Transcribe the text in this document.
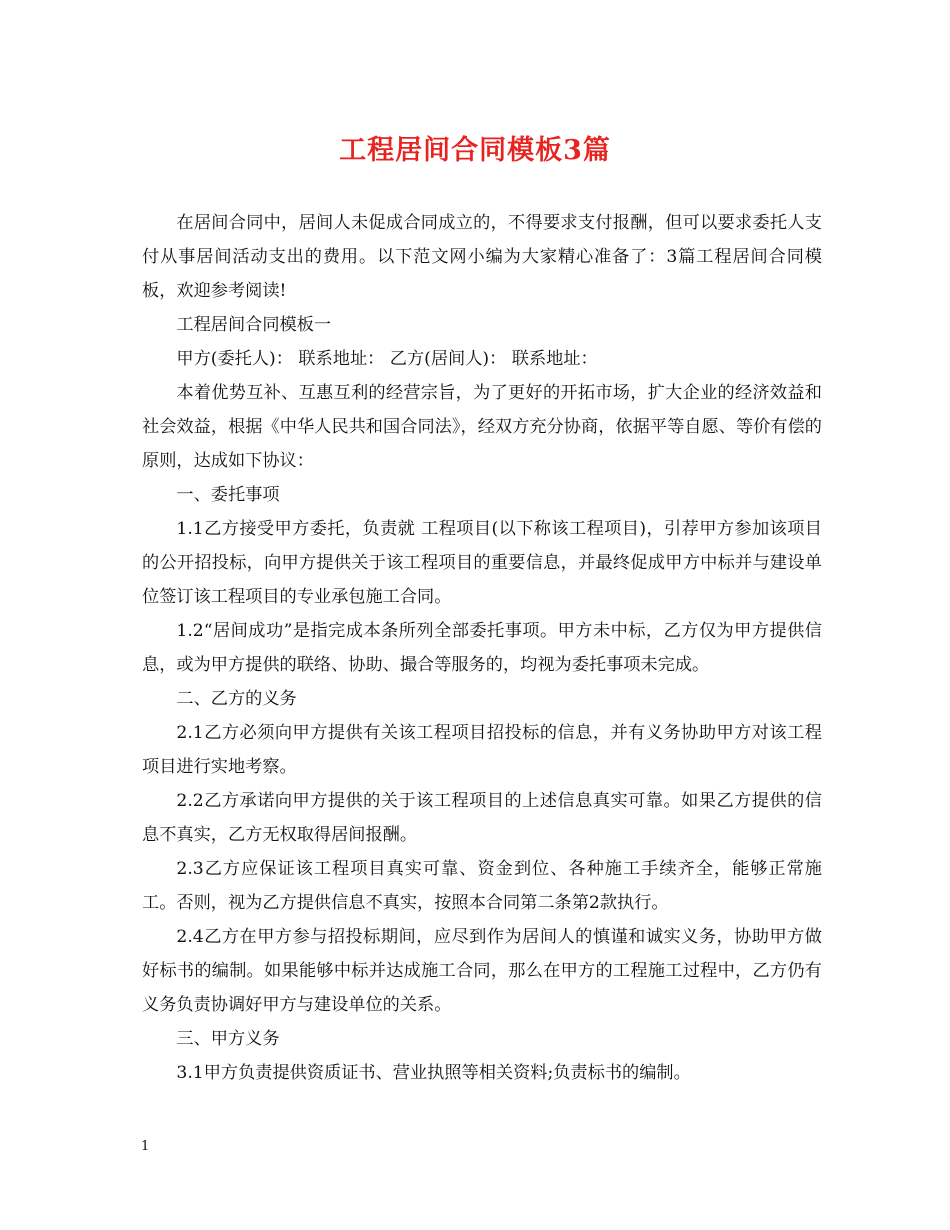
工程居间合同模板3篇

在居间合同中，居间人未促成合同成立的，不得要求支付报酬，但可以要求委托人支付从事居间活动支出的费用。以下范文网小编为大家精心准备了：3篇工程居间合同模板，欢迎参考阅读!

工程居间合同模板一

甲方(委托人)： 联系地址： 乙方(居间人)： 联系地址：

本着优势互补、互惠互利的经营宗旨，为了更好的开拓市场，扩大企业的经济效益和社会效益，根据《中华人民共和国合同法》，经双方充分协商，依据平等自愿、等价有偿的原则，达成如下协议：

一、委托事项

1.1乙方接受甲方委托，负责就 工程项目(以下称该工程项目)，引荐甲方参加该项目的公开招投标，向甲方提供关于该工程项目的重要信息，并最终促成甲方中标并与建设单位签订该工程项目的专业承包施工合同。

1.2“居间成功”是指完成本条所列全部委托事项。甲方未中标，乙方仅为甲方提供信息，或为甲方提供的联络、协助、撮合等服务的，均视为委托事项未完成。

二、乙方的义务

2.1乙方必须向甲方提供有关该工程项目招投标的信息，并有义务协助甲方对该工程项目进行实地考察。

2.2乙方承诺向甲方提供的关于该工程项目的上述信息真实可靠。如果乙方提供的信息不真实，乙方无权取得居间报酬。

2.3乙方应保证该工程项目真实可靠、资金到位、各种施工手续齐全，能够正常施工。否则，视为乙方提供信息不真实，按照本合同第二条第2款执行。

2.4乙方在甲方参与招投标期间，应尽到作为居间人的慎谨和诚实义务，协助甲方做好标书的编制。如果能够中标并达成施工合同，那么在甲方的工程施工过程中，乙方仍有义务负责协调好甲方与建设单位的关系。

三、甲方义务

3.1甲方负责提供资质证书、营业执照等相关资料;负责标书的编制。

1
